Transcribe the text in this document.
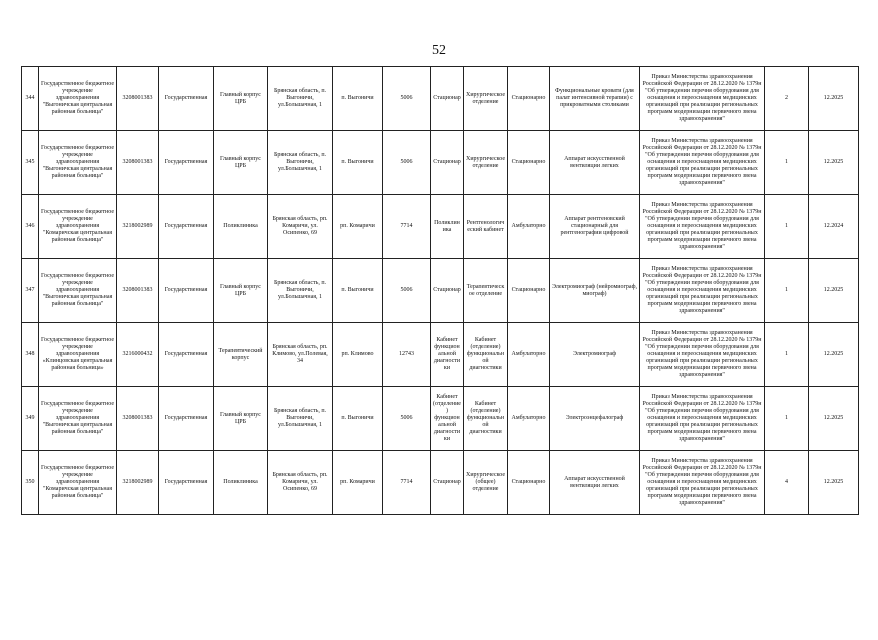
52
344	Государственное бюджетное учреждение здравоохранения "Выгоничская центральная районная больница"	3208001383	Государственная	Главный корпус ЦРБ	Брянская область, п. Выгоничи, ул.Большачная, 1	п. Выгоничи	5006	Стационар	Хирургическое отделение	Стационарно	Функциональные кровати (для палат интенсивной терапии) с прикроватными столиками	Приказ Министерства здравоохранения Российской Федерации от 28.12.2020 № 1379н "Об утверждении перечня оборудования для оснащения и переоснащения медицинских организаций при реализации региональных программ модернизации первичного звена здравоохранения"	2	12.2025
345	Государственное бюджетное учреждение здравоохранения "Выгоничская центральная районная больница"	3208001383	Государственная	Главный корпус ЦРБ	Брянская область, п. Выгоничи, ул.Большачная, 1	п. Выгоничи	5006	Стационар	Хирургическое отделение	Стационарно	Аппарат искусственной вентиляции легких	Приказ Министерства здравоохранения Российской Федерации от 28.12.2020 № 1379н "Об утверждении перечня оборудования для оснащения и переоснащения медицинских организаций при реализации региональных программ модернизации первичного звена здравоохранения"	1	12.2025
346	Государственное бюджетное учреждение здравоохранения "Комаричская центральная районная больница"	3218002989	Государственная	Поликлиника	Брянская область, рп. Комаричи, ул. Осипенко, 69	рп. Комаричи	7714	Поликлиника	Рентгенологический кабинет	Амбулаторно	Аппарат рентгеновский стационарный для рентгенографии цифровой	Приказ Министерства здравоохранения Российской Федерации от 28.12.2020 № 1379н "Об утверждении перечня оборудования для оснащения и переоснащения медицинских организаций при реализации региональных программ модернизации первичного звена здравоохранения"	1	12.2024
347	Государственное бюджетное учреждение здравоохранения "Выгоничская центральная районная больница"	3208001383	Государственная	Главный корпус ЦРБ	Брянская область, п. Выгоничи, ул.Большачная, 1	п. Выгоничи	5006	Стационар	Терапевтическое отделение	Стационарно	Электромиограф (нейромиограф, миограф)	Приказ Министерства здравоохранения Российской Федерации от 28.12.2020 № 1379н "Об утверждении перечня оборудования для оснащения и переоснащения медицинских организаций при реализации региональных программ модернизации первичного звена здравоохранения"	1	12.2025
348	Государственное бюджетное учреждение здравоохранения «Клинцовская центральная районная больница»	3216000432	Государственная	Терапевтический корпус	Брянская область, рп. Климово, ул.Полевая, 34	рп. Климово	12743	Кабинет функциональной диагностики	Кабинет (отделение) функциональной диагностики	Амбулаторно	Электромиограф	Приказ Министерства здравоохранения Российской Федерации от 28.12.2020 № 1379н "Об утверждении перечня оборудования для оснащения и переоснащения медицинских организаций при реализации региональных программ модернизации первичного звена здравоохранения"	1	12.2025
349	Государственное бюджетное учреждение здравоохранения "Выгоничская центральная районная больница"	3208001383	Государственная	Главный корпус ЦРБ	Брянская область, п. Выгоничи, ул.Большачная, 1	п. Выгоничи	5006	Кабинет (отделение) функциональной диагностики	Кабинет (отделение) функциональной диагностики	Амбулаторно	Электроэнцефалограф	Приказ Министерства здравоохранения Российской Федерации от 28.12.2020 № 1379н "Об утверждении перечня оборудования для оснащения и переоснащения медицинских организаций при реализации региональных программ модернизации первичного звена здравоохранения"	1	12.2025
350	Государственное бюджетное учреждение здравоохранения "Комаричская центральная районная больница"	3218002989	Государственная	Поликлиника	Брянская область, рп. Комаричи, ул. Осипенко, 69	рп. Комаричи	7714	Стационар	Хирургическое (общее) отделение	Стационарно	Аппарат искусственной вентиляции легких	Приказ Министерства здравоохранения Российской Федерации от 28.12.2020 № 1379н "Об утверждении перечня оборудования для оснащения и переоснащения медицинских организаций при реализации региональных программ модернизации первичного звена здравоохранения"	4	12.2025
